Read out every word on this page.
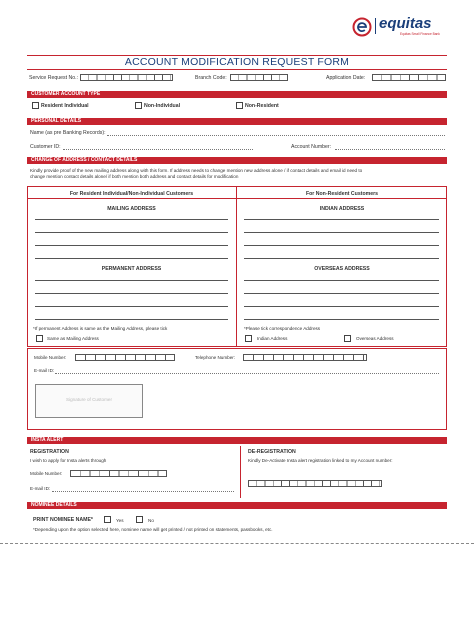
equitas
Equitas Small Finance Bank
ACCOUNT MODIFICATION REQUEST FORM
Service Request No.:	Branch Code:	Application Date:
CUSTOMER ACCOUNT TYPE
Resident Individual	Non-Individual	Non-Resident
PERSONAL DETAILS
Name (as pre Banking Records):
Customer ID:	Account Number:
CHANGE OF ADDRESS / CONTACT DETAILS
Kindly provide proof of the new mailing address along with this form. If address needs to change mention new address alone / if contact details and email id need to
change mention contact details alone/ if both mention both address and contact details for modification
For Resident Individual/Non-Individual Customers	For Non-Resident Customers
MAILING ADDRESS	INDIAN ADDRESS
PERMANENT ADDRESS	OVERSEAS ADDRESS
*If permanent Address is same as the Mailing Address, please tick
Same as Mailing Address
*Please tick correspondence Address
Indian Address	Overseas Address
Mobile Number:	Telephone Number:
E-mail ID:
Signature of Customer
INSTA ALERT
REGISTRATION
I wish to apply for Insta alerts through
Mobile Number:
E-mail ID:
DE-REGISTRATION
Kindly De-Activate Insta alert registration linked to my Account number:
NOMINEE DETAILS
PRINT NOMINEE NAME*	Yes	No
*Depending upon the option selected here, nominee name will get printed / not printed on statements, passbooks, etc.
